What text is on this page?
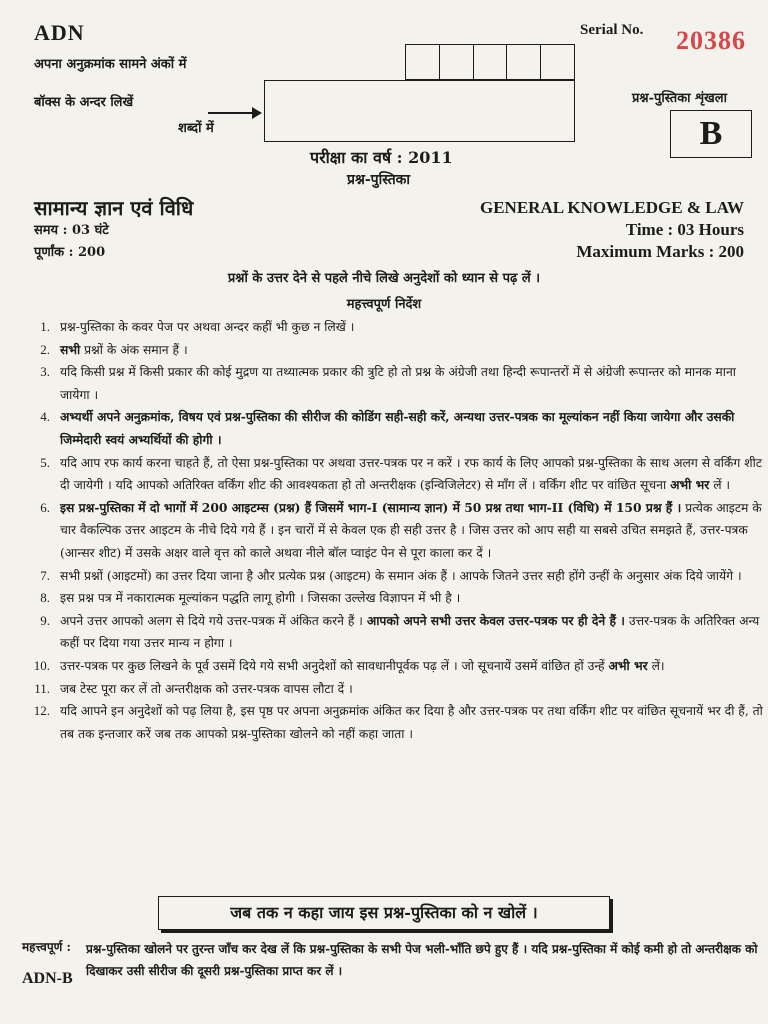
ADN	Serial No. 20386
अपना अनुक्रमांक सामने अंकों में
बॉक्स के अन्दर लिखें
शब्दों में
प्रश्न-पुस्तिका शृंखला
B
परीक्षा का वर्ष : 2011
प्रश्न-पुस्तिका
सामान्य ज्ञान एवं विधि
समय : 03 घंटे
पूर्णांक : 200
GENERAL KNOWLEDGE & LAW
Time : 03 Hours
Maximum Marks : 200
प्रश्नों के उत्तर देने से पहले नीचे लिखे अनुदेशों को ध्यान से पढ़ लें ।
महत्त्वपूर्ण निर्देश
1. प्रश्न-पुस्तिका के कवर पेज पर अथवा अन्दर कहीं भी कुछ न लिखें ।
2. सभी प्रश्नों के अंक समान हैं ।
3. यदि किसी प्रश्न में किसी प्रकार की कोई मुद्रण या तथ्यात्मक प्रकार की त्रुटि हो तो प्रश्न के अंग्रेजी तथा हिन्दी रूपान्तरों में से अंग्रेजी रूपान्तर को मानक माना जायेगा ।
4. अभ्यर्थी अपने अनुक्रमांक, विषय एवं प्रश्न-पुस्तिका की सीरीज की कोडिंग सही-सही करें, अन्यथा उत्तर-पत्रक का मूल्यांकन नहीं किया जायेगा और उसकी जिम्मेदारी स्वयं अभ्यर्थियों की होगी ।
5. यदि आप रफ कार्य करना चाहते हैं, तो ऐसा प्रश्न-पुस्तिका पर अथवा उत्तर-पत्रक पर न करें । रफ कार्य के लिए आपको प्रश्न-पुस्तिका के साथ अलग से वर्किंग शीट दी जायेगी । यदि आपको अतिरिक्त वर्किंग शीट की आवश्यकता हो तो अन्तरीक्षक (इन्विजिलेटर) से माँग लें । वर्किंग शीट पर वांछित सूचना अभी भर लें ।
6. इस प्रश्न-पुस्तिका में दो भागों में 200 आइटम्स (प्रश्न) हैं जिसमें भाग-I (सामान्य ज्ञान) में 50 प्रश्न तथा भाग-II (विधि) में 150 प्रश्न हैं । प्रत्येक आइटम के चार वैकल्पिक उत्तर आइटम के नीचे दिये गये हैं । इन चारों में से केवल एक ही सही उत्तर है । जिस उत्तर को आप सही या सबसे उचित समझते हैं, उत्तर-पत्रक (आन्सर शीट) में उसके अक्षर वाले वृत्त को काले अथवा नीले बॉल प्वाइंट पेन से पूरा काला कर दें ।
7. सभी प्रश्नों (आइटमों) का उत्तर दिया जाना है और प्रत्येक प्रश्न (आइटम) के समान अंक हैं । आपके जितने उत्तर सही होंगे उन्हीं के अनुसार अंक दिये जायेंगे ।
8. इस प्रश्न पत्र में नकारात्मक मूल्यांकन पद्धति लागू होगी । जिसका उल्लेख विज्ञापन में भी है ।
9. अपने उत्तर आपको अलग से दिये गये उत्तर-पत्रक में अंकित करने हैं । आपको अपने सभी उत्तर केवल उत्तर-पत्रक पर ही देने हैं । उत्तर-पत्रक के अतिरिक्त अन्य कहीं पर दिया गया उत्तर मान्य न होगा ।
10. उत्तर-पत्रक पर कुछ लिखने के पूर्व उसमें दिये गये सभी अनुदेशों को सावधानीपूर्वक पढ़ लें । जो सूचनायें उसमें वांछित हों उन्हें अभी भर लें।
11. जब टेस्ट पूरा कर लें तो अन्तरीक्षक को उत्तर-पत्रक वापस लौटा दें ।
12. यदि आपने इन अनुदेशों को पढ़ लिया है, इस पृष्ठ पर अपना अनुक्रमांक अंकित कर दिया है और उत्तर-पत्रक पर तथा वर्किंग शीट पर वांछित सूचनायें भर दी हैं, तो तब तक इन्तजार करें जब तक आपको प्रश्न-पुस्तिका खोलने को नहीं कहा जाता ।
जब तक न कहा जाय इस प्रश्न-पुस्तिका को न खोलें ।
महत्त्वपूर्ण : प्रश्न-पुस्तिका खोलने पर तुरन्त जाँच कर देख लें कि प्रश्न-पुस्तिका के सभी पेज भली-भाँति छपे हुए हैं । यदि प्रश्न-पुस्तिका में कोई कमी हो तो अन्तरीक्षक को दिखाकर उसी सीरीज की दूसरी प्रश्न-पुस्तिका प्राप्त कर लें ।
ADN-B
